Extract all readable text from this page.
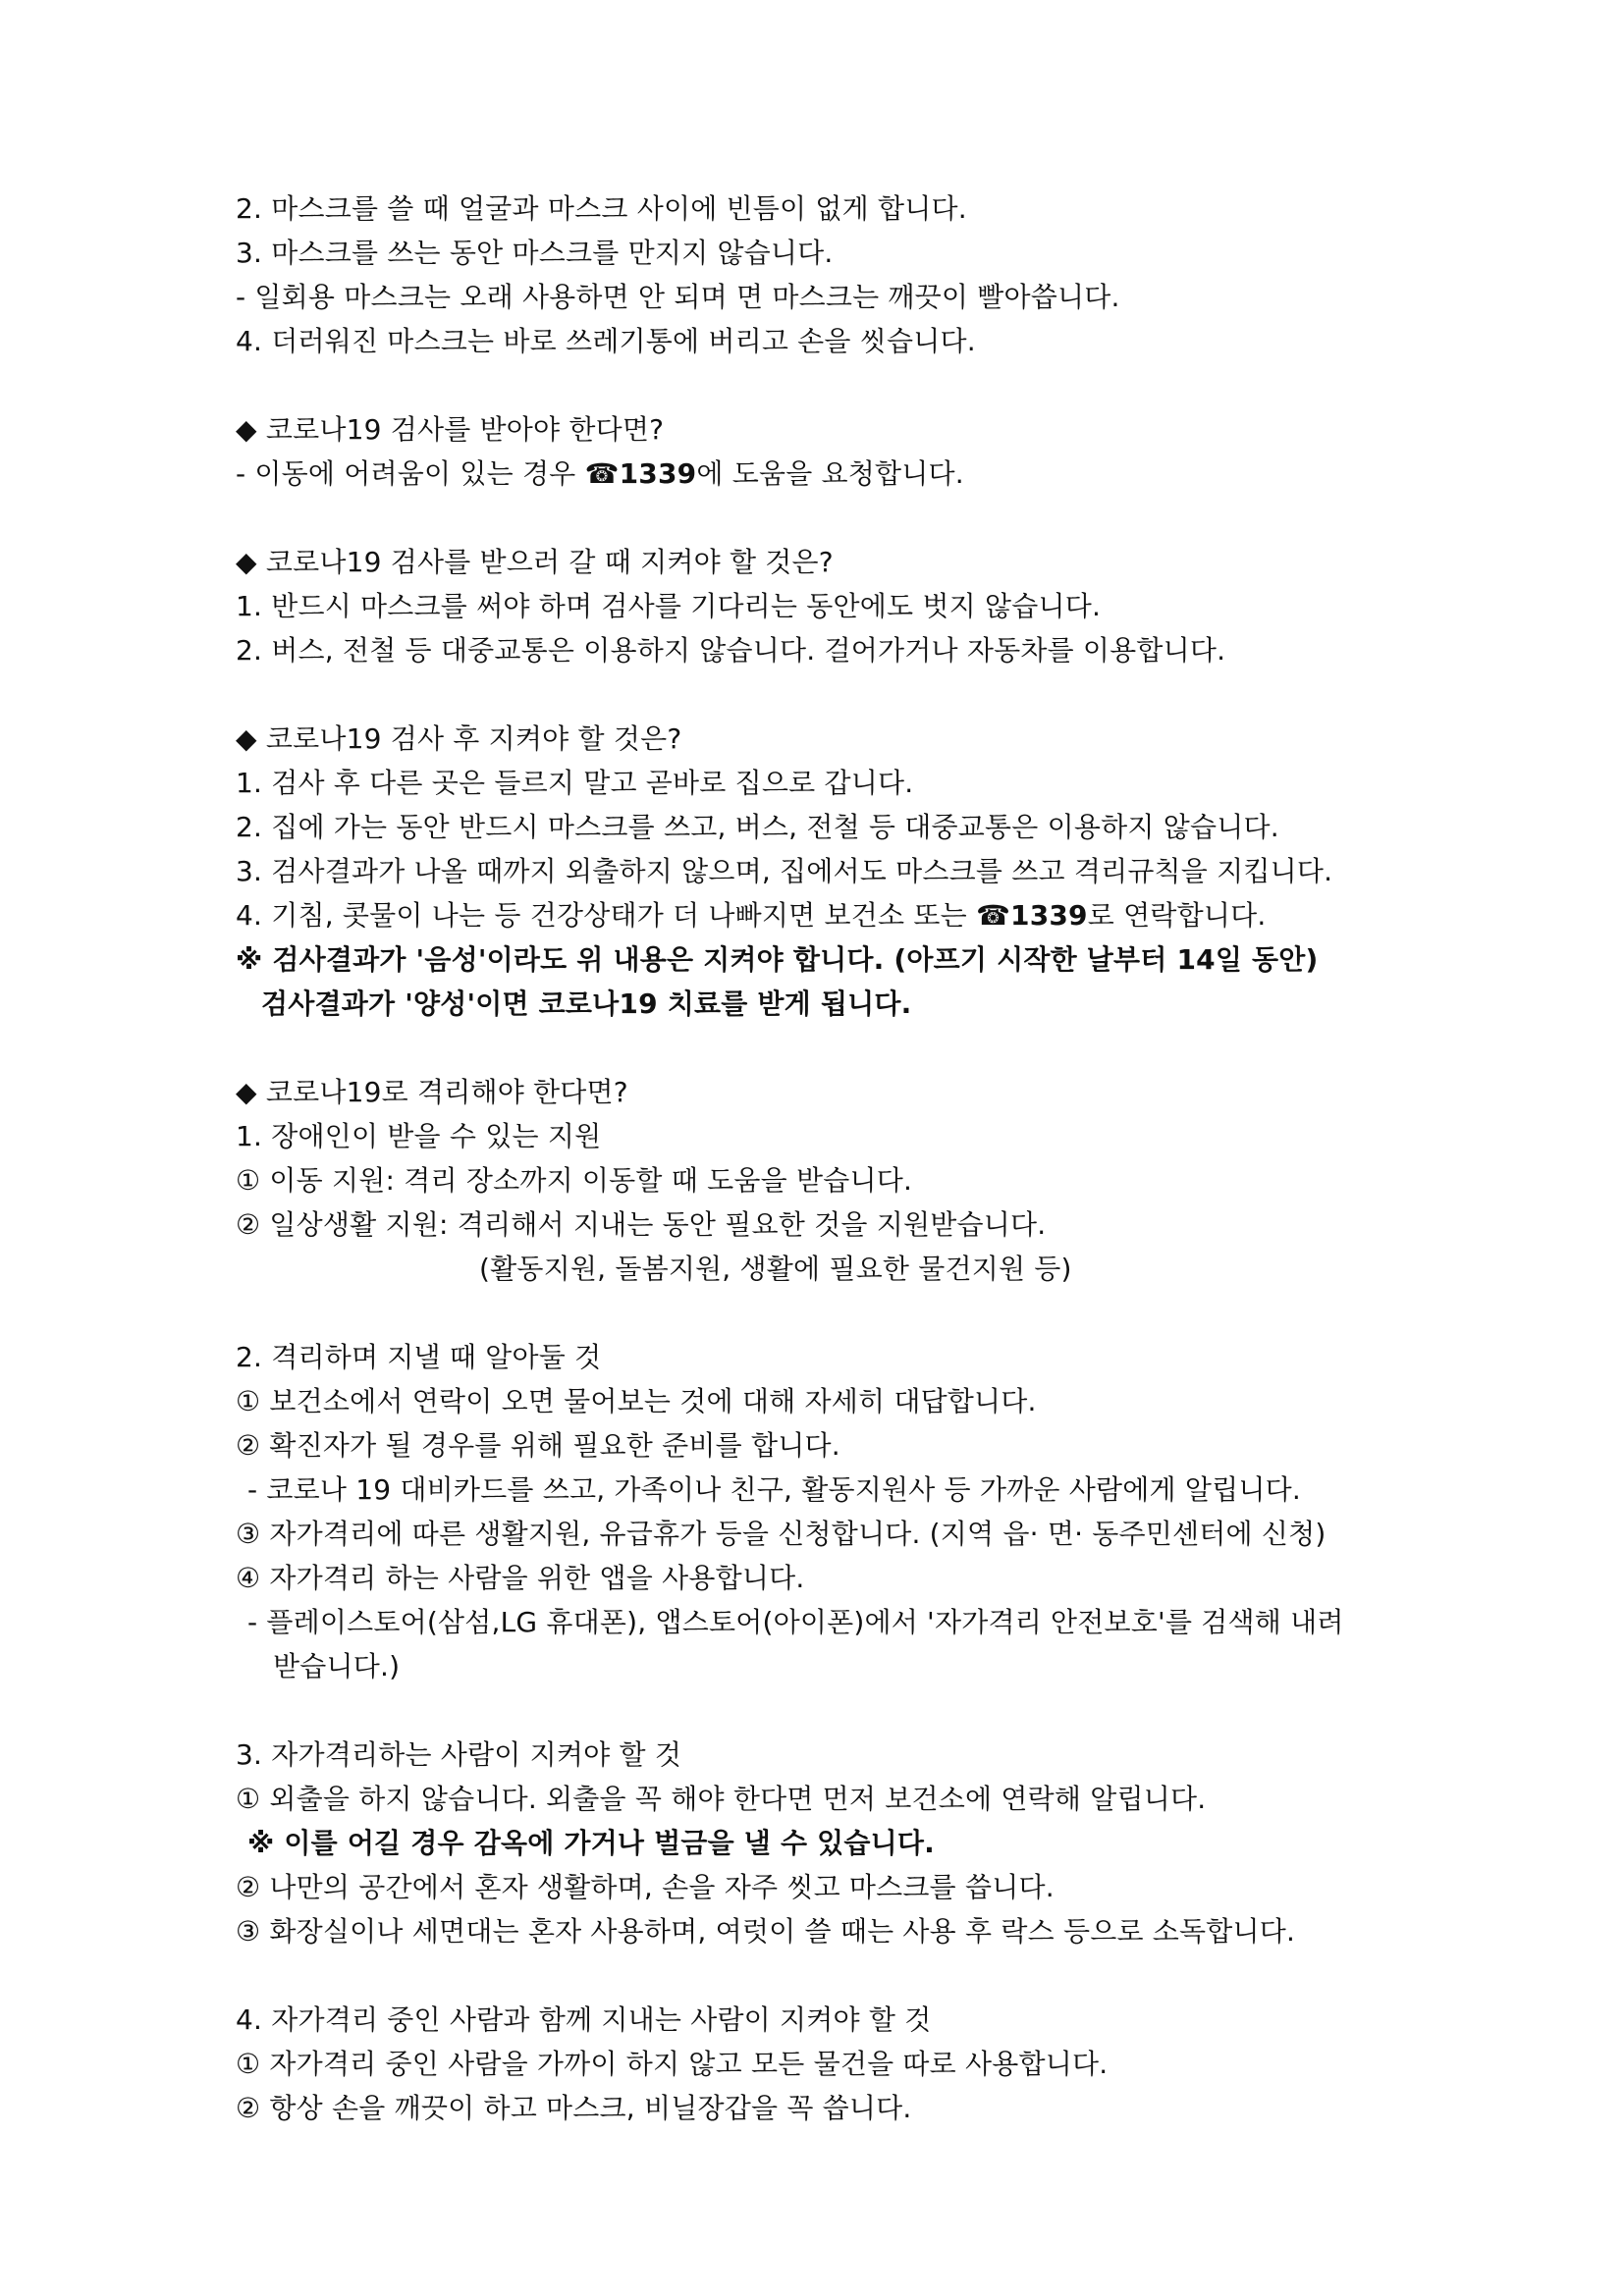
2. 마스크를 쓸 때 얼굴과 마스크 사이에 빈틈이 없게 합니다.
3. 마스크를 쓰는 동안 마스크를 만지지 않습니다.
- 일회용 마스크는 오래 사용하면 안 되며 면 마스크는 깨끗이 빨아씁니다.
4. 더러워진 마스크는 바로 쓰레기통에 버리고 손을 씻습니다.
◆ 코로나19 검사를 받아야 한다면?
- 이동에 어려움이 있는 경우 ☎1339에 도움을 요청합니다.
◆ 코로나19 검사를 받으러 갈 때 지켜야 할 것은?
1. 반드시 마스크를 써야 하며 검사를 기다리는 동안에도 벗지 않습니다.
2. 버스, 전철 등 대중교통은 이용하지 않습니다. 걸어가거나 자동차를 이용합니다.
◆ 코로나19 검사 후 지켜야 할 것은?
1. 검사 후 다른 곳은 들르지 말고 곧바로 집으로 갑니다.
2. 집에 가는 동안 반드시 마스크를 쓰고, 버스, 전철 등 대중교통은 이용하지 않습니다.
3. 검사결과가 나올 때까지 외출하지 않으며, 집에서도 마스크를 쓰고 격리규칙을 지킵니다.
4. 기침, 콧물이 나는 등 건강상태가 더 나빠지면 보건소 또는 ☎1339로 연락합니다.
※ 검사결과가 '음성'이라도 위 내용은 지켜야 합니다. (아프기 시작한 날부터 14일 동안)
검사결과가 '양성'이면 코로나19 치료를 받게 됩니다.
◆ 코로나19로 격리해야 한다면?
1. 장애인이 받을 수 있는 지원
① 이동 지원: 격리 장소까지 이동할 때 도움을 받습니다.
② 일상생활 지원: 격리해서 지내는 동안 필요한 것을 지원받습니다.
(활동지원, 돌봄지원, 생활에 필요한 물건지원 등)
2. 격리하며 지낼 때 알아둘 것
① 보건소에서 연락이 오면 물어보는 것에 대해 자세히 대답합니다.
② 확진자가 될 경우를 위해 필요한 준비를 합니다.
- 코로나 19 대비카드를 쓰고, 가족이나 친구, 활동지원사 등 가까운 사람에게 알립니다.
③ 자가격리에 따른 생활지원, 유급휴가 등을 신청합니다. (지역 읍· 면· 동주민센터에 신청)
④ 자가격리 하는 사람을 위한 앱을 사용합니다.
- 플레이스토어(삼섬,LG 휴대폰), 앱스토어(아이폰)에서 '자가격리 안전보호'를 검색해 내려
받습니다.)
3. 자가격리하는 사람이 지켜야 할 것
① 외출을 하지 않습니다. 외출을 꼭 해야 한다면 먼저 보건소에 연락해 알립니다.
※ 이를 어길 경우 감옥에 가거나 벌금을 낼 수 있습니다.
② 나만의 공간에서 혼자 생활하며, 손을 자주 씻고 마스크를 씁니다.
③ 화장실이나 세면대는 혼자 사용하며, 여럿이 쓸 때는 사용 후 락스 등으로 소독합니다.
4. 자가격리 중인 사람과 함께 지내는 사람이 지켜야 할 것
① 자가격리 중인 사람을 가까이 하지 않고 모든 물건을 따로 사용합니다.
② 항상 손을 깨끗이 하고 마스크, 비닐장갑을 꼭 씁니다.
